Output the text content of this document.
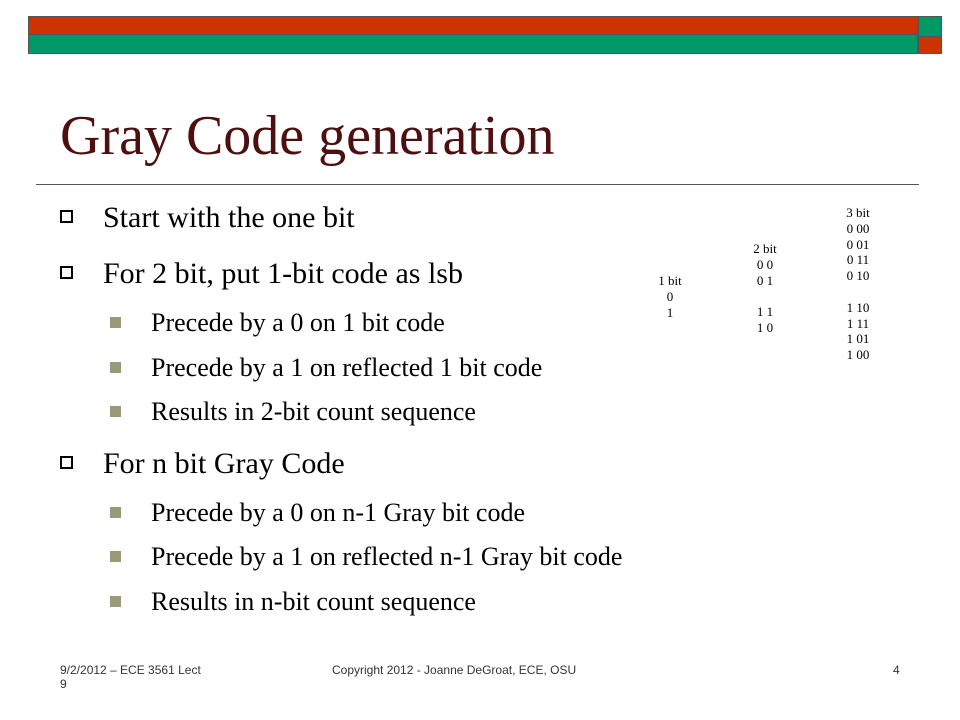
Gray Code generation
Start with the one bit
For 2 bit, put 1-bit code as lsb
Precede by a 0 on 1 bit code
Precede by a 1 on reflected 1 bit code
Results in 2-bit count sequence
For n bit Gray Code
Precede by a 0 on n-1 Gray bit code
Precede by a 1 on reflected n-1 Gray bit code
Results in n-bit count sequence
1 bit
0
1
2 bit
0 0
0 1
1 1
1 0
3 bit
0 00
0 01
0 11
0 10
1 10
1 11
1 01
1 00
9/2/2012 – ECE 3561 Lect
9
Copyright 2012 - Joanne DeGroat, ECE, OSU	4
